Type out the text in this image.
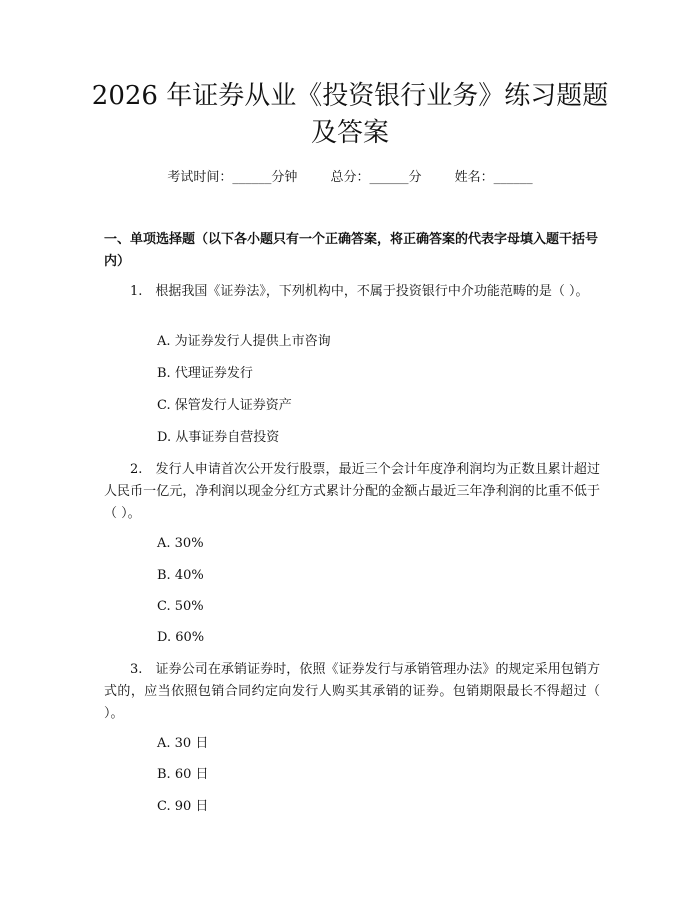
2026 年证券从业《投资银行业务》练习题题及答案
考试时间：______分钟	总分：______分	姓名：______
一、单项选择题（以下各小题只有一个正确答案，将正确答案的代表字母填入题干括号内）

1.　根据我国《证券法》，下列机构中，不属于投资银行中介功能范畴的是（ ）。

A. 为证券发行人提供上市咨询

B. 代理证券发行

C. 保管发行人证券资产

D. 从事证券自营投资

2.　发行人申请首次公开发行股票，最近三个会计年度净利润均为正数且累计超过人民币一亿元，净利润以现金分红方式累计分配的金额占最近三年净利润的比重不低于（ ）。

A. 30%

B. 40%

C. 50%

D. 60%

3.　证券公司在承销证券时，依照《证券发行与承销管理办法》的规定采用包销方式的，应当依照包销合同约定向发行人购买其承销的证券。包销期限最长不得超过（ ）。

A. 30 日

B. 60 日

C. 90 日
